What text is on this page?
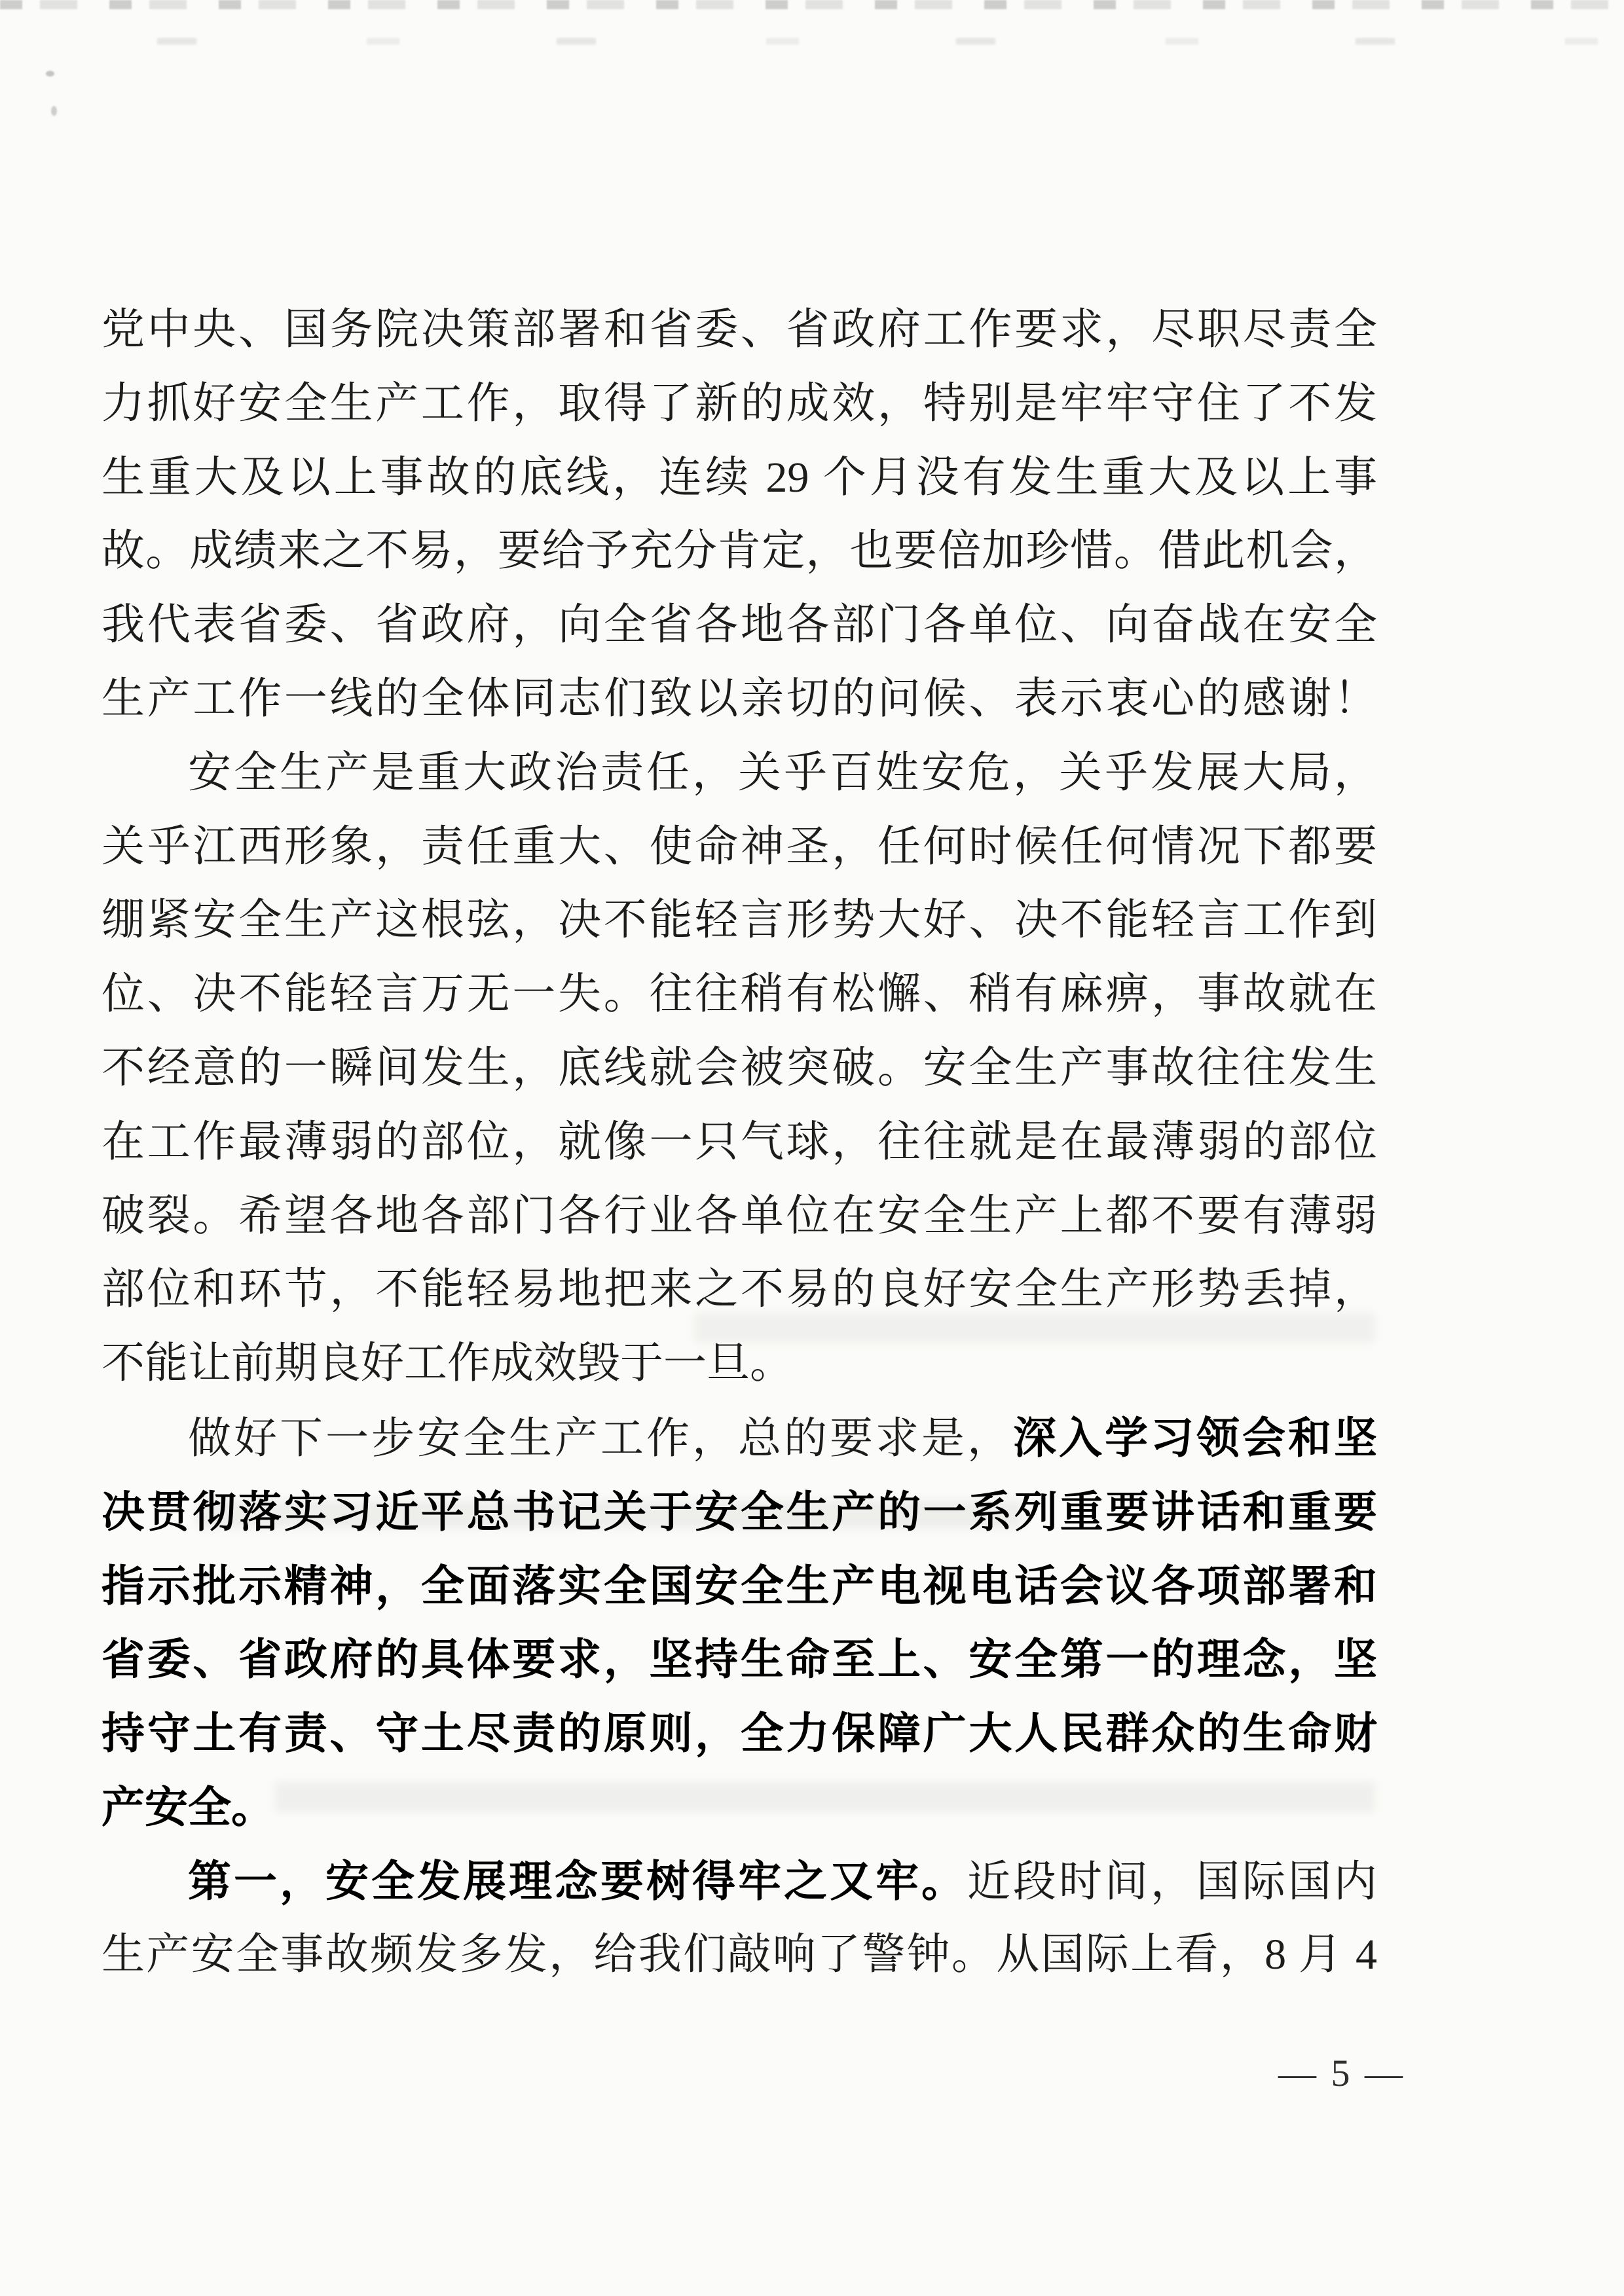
党中央、国务院决策部署和省委、省政府工作要求，尽职尽责全
力抓好安全生产工作，取得了新的成效，特别是牢牢守住了不发
生重大及以上事故的底线，连续 29 个月没有发生重大及以上事
故。成绩来之不易，要给予充分肯定，也要倍加珍惜。借此机会，
我代表省委、省政府，向全省各地各部门各单位、向奋战在安全
生产工作一线的全体同志们致以亲切的问候、表示衷心的感谢！
安全生产是重大政治责任，关乎百姓安危，关乎发展大局，
关乎江西形象，责任重大、使命神圣，任何时候任何情况下都要
绷紧安全生产这根弦，决不能轻言形势大好、决不能轻言工作到
位、决不能轻言万无一失。往往稍有松懈、稍有麻痹，事故就在
不经意的一瞬间发生，底线就会被突破。安全生产事故往往发生
在工作最薄弱的部位，就像一只气球，往往就是在最薄弱的部位
破裂。希望各地各部门各行业各单位在安全生产上都不要有薄弱
部位和环节，不能轻易地把来之不易的良好安全生产形势丢掉，
不能让前期良好工作成效毁于一旦。
做好下一步安全生产工作，总的要求是，深入学习领会和坚
决贯彻落实习近平总书记关于安全生产的一系列重要讲话和重要
指示批示精神，全面落实全国安全生产电视电话会议各项部署和
省委、省政府的具体要求，坚持生命至上、安全第一的理念，坚
持守土有责、守土尽责的原则，全力保障广大人民群众的生命财
产安全。
第一，安全发展理念要树得牢之又牢。近段时间，国际国内
生产安全事故频发多发，给我们敲响了警钟。从国际上看，8 月 4
— 5 —
